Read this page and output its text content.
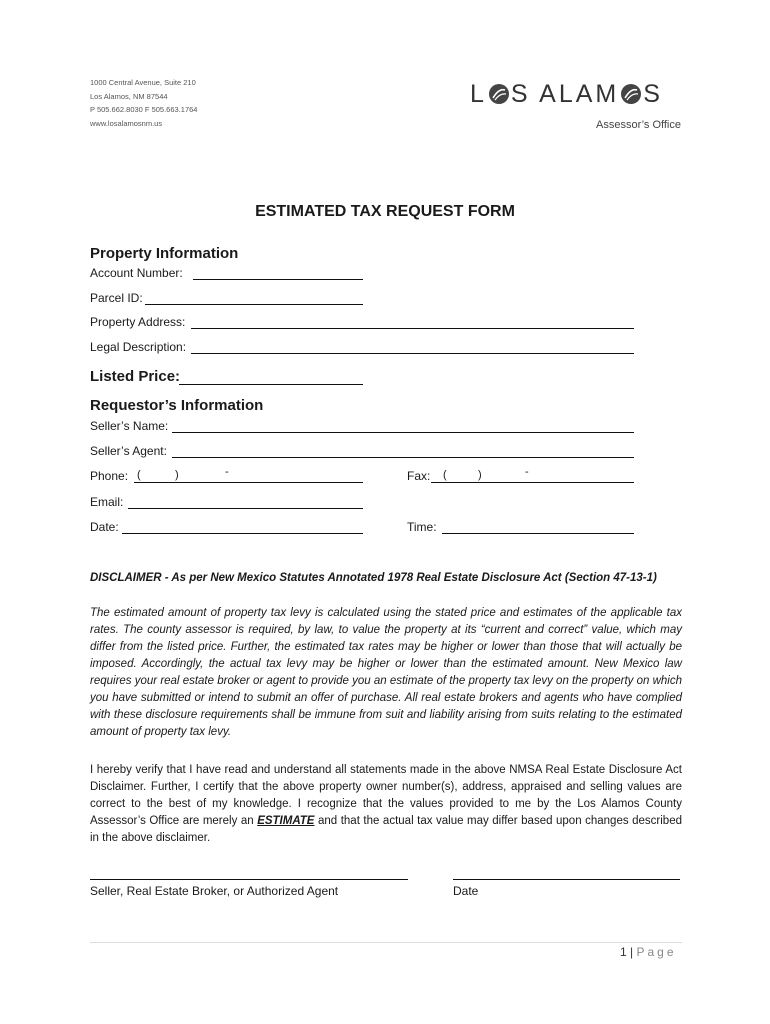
1000 Central Avenue, Suite 210
Los Alamos, NM 87544
P 505.662.8030 F 505.663.1764
www.losalamosnm.us
L S ALAM S
Assessor’s Office
ESTIMATED TAX REQUEST FORM
Property Information
Account Number:
Parcel ID:
Property Address:
Legal Description:
Listed Price:
Requestor’s Information
Seller’s Name:
Seller’s Agent:
Phone: (	)	-	Fax: (	)	-
Email:
Date:	Time:
DISCLAIMER - As per New Mexico Statutes Annotated 1978 Real Estate Disclosure Act (Section 47-13-1)
The estimated amount of property tax levy is calculated using the stated price and estimates of the applicable tax rates. The county assessor is required, by law, to value the property at its “current and correct” value, which may differ from the listed price. Further, the estimated tax rates may be higher or lower than those that will actually be imposed. Accordingly, the actual tax levy may be higher or lower than the estimated amount. New Mexico law requires your real estate broker or agent to provide you an estimate of the property tax levy on the property on which you have submitted or intend to submit an offer of purchase. All real estate brokers and agents who have complied with these disclosure requirements shall be immune from suit and liability arising from suits relating to the estimated amount of property tax levy.
I hereby verify that I have read and understand all statements made in the above NMSA Real Estate Disclosure Act Disclaimer. Further, I certify that the above property owner number(s), address, appraised and selling values are correct to the best of my knowledge. I recognize that the values provided to me by the Los Alamos County Assessor’s Office are merely an ESTIMATE and that the actual tax value may differ based upon changes described in the above disclaimer.
Seller, Real Estate Broker, or Authorized Agent	Date
1 | Page
